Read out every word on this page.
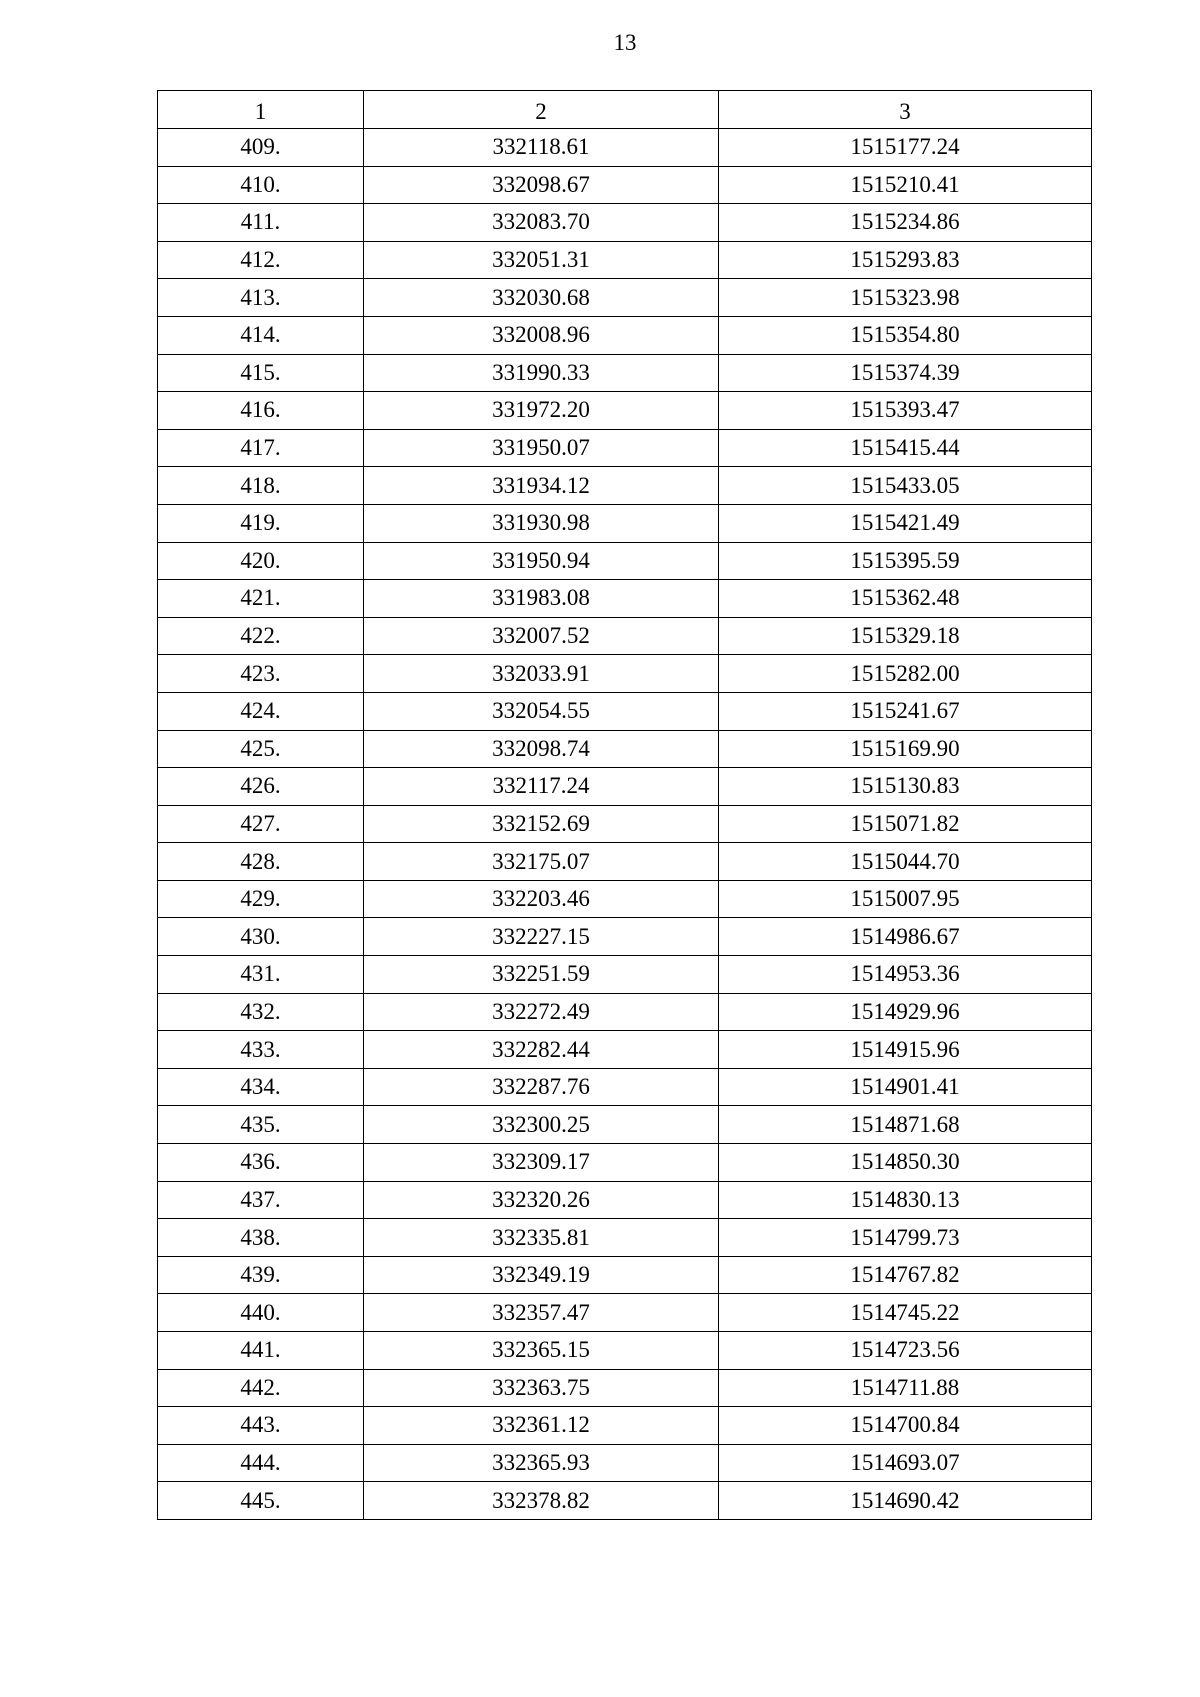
13
1	2	3
409.	332118.61	1515177.24
410.	332098.67	1515210.41
411.	332083.70	1515234.86
412.	332051.31	1515293.83
413.	332030.68	1515323.98
414.	332008.96	1515354.80
415.	331990.33	1515374.39
416.	331972.20	1515393.47
417.	331950.07	1515415.44
418.	331934.12	1515433.05
419.	331930.98	1515421.49
420.	331950.94	1515395.59
421.	331983.08	1515362.48
422.	332007.52	1515329.18
423.	332033.91	1515282.00
424.	332054.55	1515241.67
425.	332098.74	1515169.90
426.	332117.24	1515130.83
427.	332152.69	1515071.82
428.	332175.07	1515044.70
429.	332203.46	1515007.95
430.	332227.15	1514986.67
431.	332251.59	1514953.36
432.	332272.49	1514929.96
433.	332282.44	1514915.96
434.	332287.76	1514901.41
435.	332300.25	1514871.68
436.	332309.17	1514850.30
437.	332320.26	1514830.13
438.	332335.81	1514799.73
439.	332349.19	1514767.82
440.	332357.47	1514745.22
441.	332365.15	1514723.56
442.	332363.75	1514711.88
443.	332361.12	1514700.84
444.	332365.93	1514693.07
445.	332378.82	1514690.42
